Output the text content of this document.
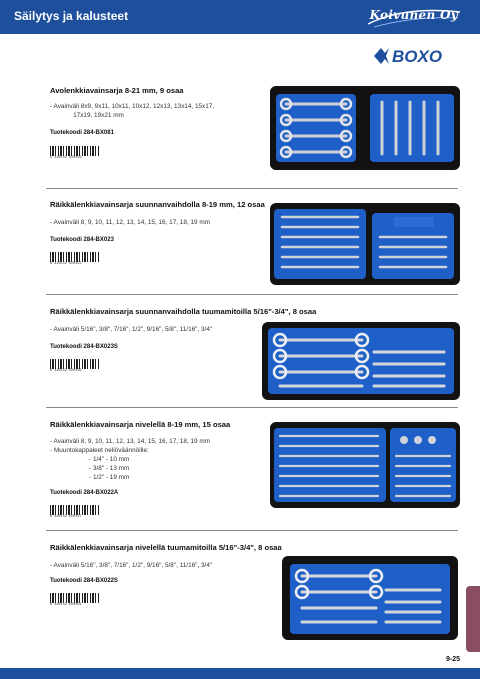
Säilytys ja kalusteet	Koivunen Oy
BOXO
Avolenkkiavainsarja 8-21 mm, 9 osaa
- Avainväli 8x9, 9x11, 10x11, 10x12, 12x13, 13x14, 15x17,
17x19, 19x21 mm
Tuotekoodi 284-BX081
6 416142 020316
Räikkälenkkiavainsarja suunnanvaihdolla 8-19 mm, 12 osaa
- Avainväli 8, 9, 10, 11, 12, 13, 14, 15, 16, 17, 18, 19 mm
Tuotekoodi 284-BX023
6 416142 020323
Räikkälenkkiavainsarja suunnanvaihdolla tuumamitoilla 5/16"-3/4", 8 osaa
- Avainväli 5/16", 3/8", 7/16", 1/2", 9/16", 5/8", 11/16", 3/4"
Tuotekoodi 284-BX023S
6 416142 020330
Räikkälenkkiavainsarja nivelellä 8-19 mm, 15 osaa
- Avainväli 8, 9, 10, 11, 12, 13, 14, 15, 16, 17, 18, 19 mm
- Muuntokappaleet neliöväännöille:
- 1/4" - 10 mm
- 3/8" - 13 mm
- 1/2" - 19 mm
Tuotekoodi 284-BX022A
6 416142 020347
Räikkälenkkiavainsarja nivelellä tuumamitoilla 5/16"-3/4", 8 osaa
- Avainväli 5/16", 3/8", 7/16", 1/2", 9/16", 5/8", 11/16", 3/4"
Tuotekoodi 284-BX022S
6 416142 020354
9-25
